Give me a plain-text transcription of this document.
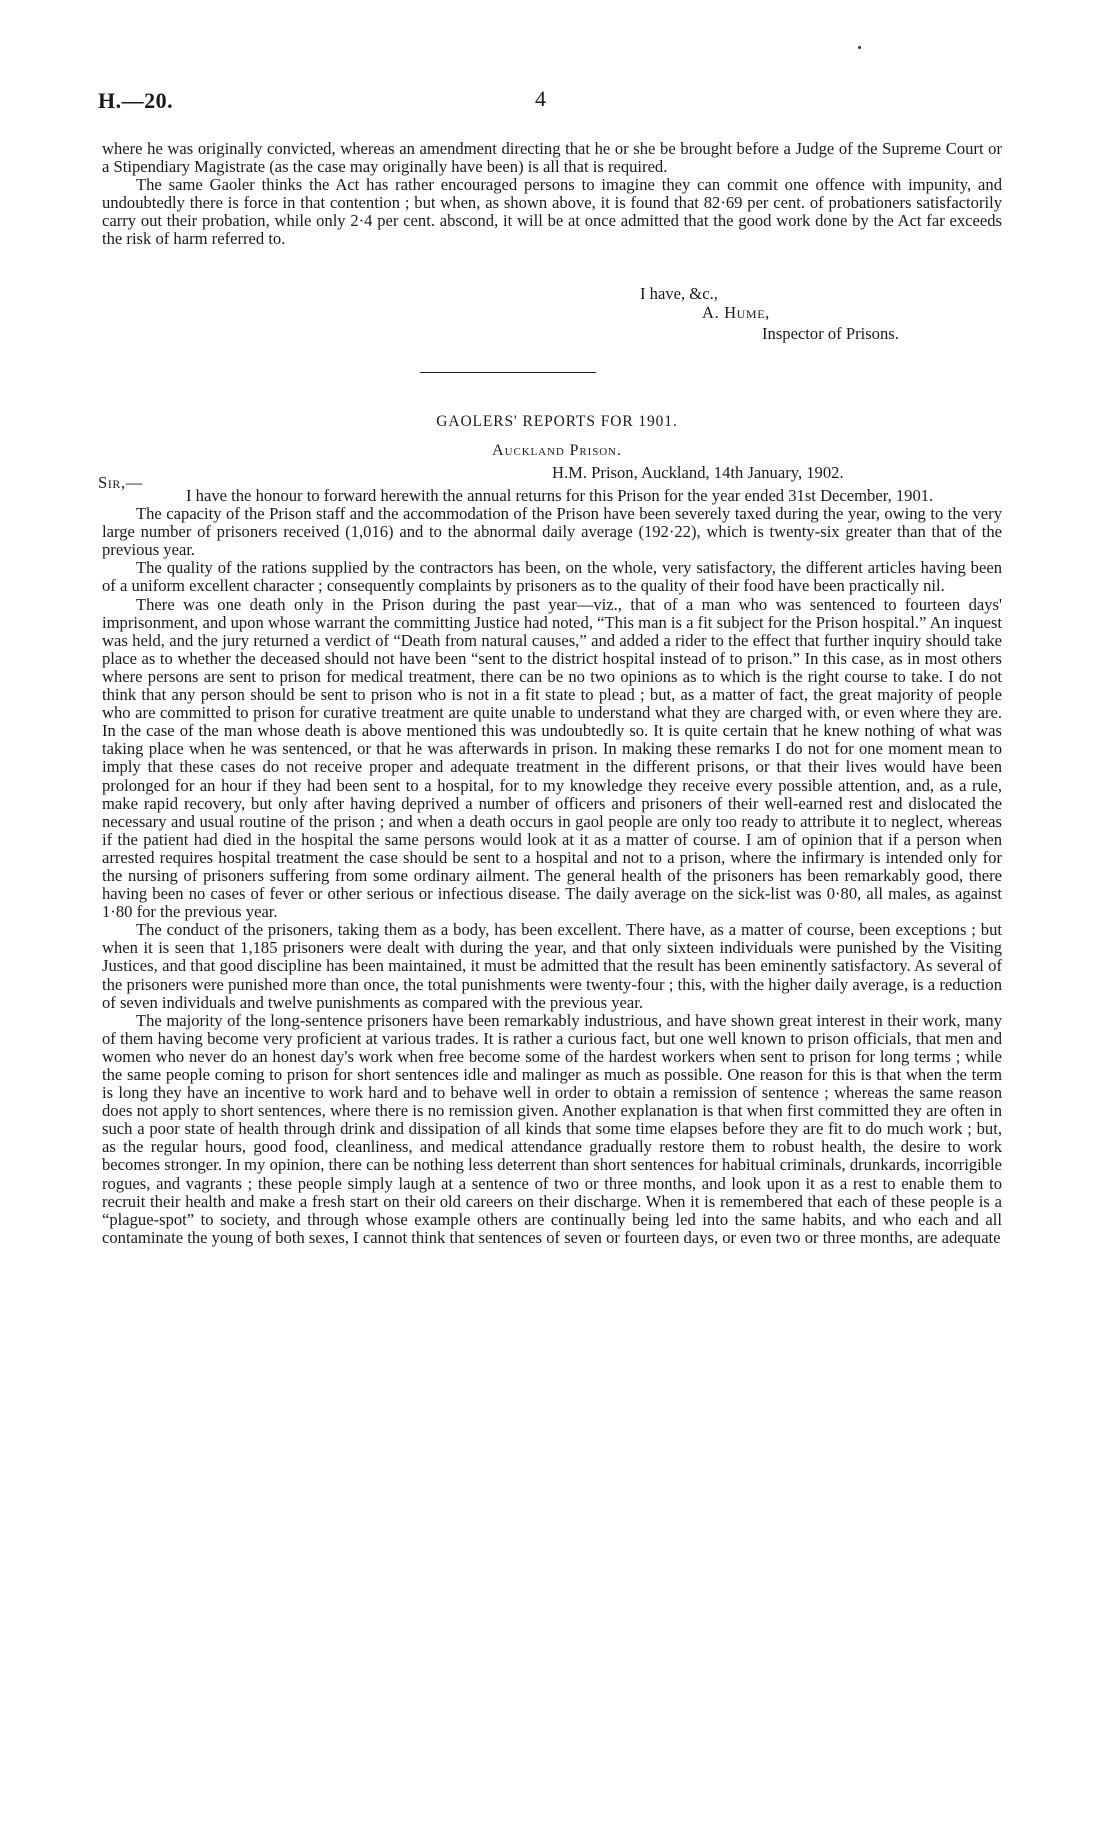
H.—20.	4

where he was originally convicted, whereas an amendment directing that he or she be brought before a Judge of the Supreme Court or a Stipendiary Magistrate (as the case may originally have been) is all that is required.

The same Gaoler thinks the Act has rather encouraged persons to imagine they can commit one offence with impunity, and undoubtedly there is force in that contention ; but when, as shown above, it is found that 82·69 per cent. of probationers satisfactorily carry out their probation, while only 2·4 per cent. abscond, it will be at once admitted that the good work done by the Act far exceeds the risk of harm referred to.

I have, &c.,
A. Hume,
Inspector of Prisons.
GAOLERS' REPORTS FOR 1901.
Auckland Prison.
Sir,—
H.M. Prison, Auckland, 14th January, 1902.

I have the honour to forward herewith the annual returns for this Prison for the year ended 31st December, 1901.

The capacity of the Prison staff and the accommodation of the Prison have been severely taxed during the year, owing to the very large number of prisoners received (1,016) and to the abnormal daily average (192·22), which is twenty-six greater than that of the previous year.

The quality of the rations supplied by the contractors has been, on the whole, very satisfactory, the different articles having been of a uniform excellent character ; consequently complaints by prisoners as to the quality of their food have been practically nil.

There was one death only in the Prison during the past year—viz., that of a man who was sentenced to fourteen days' imprisonment, and upon whose warrant the committing Justice had noted, “This man is a fit subject for the Prison hospital.” An inquest was held, and the jury returned a verdict of “Death from natural causes,” and added a rider to the effect that further inquiry should take place as to whether the deceased should not have been “sent to the district hospital instead of to prison.” In this case, as in most others where persons are sent to prison for medical treatment, there can be no two opinions as to which is the right course to take. I do not think that any person should be sent to prison who is not in a fit state to plead ; but, as a matter of fact, the great majority of people who are committed to prison for curative treatment are quite unable to understand what they are charged with, or even where they are. In the case of the man whose death is above mentioned this was undoubtedly so. It is quite certain that he knew nothing of what was taking place when he was sentenced, or that he was afterwards in prison. In making these remarks I do not for one moment mean to imply that these cases do not receive proper and adequate treatment in the different prisons, or that their lives would have been prolonged for an hour if they had been sent to a hospital, for to my knowledge they receive every possible attention, and, as a rule, make rapid recovery, but only after having deprived a number of officers and prisoners of their well-earned rest and dislocated the necessary and usual routine of the prison ; and when a death occurs in gaol people are only too ready to attribute it to neglect, whereas if the patient had died in the hospital the same persons would look at it as a matter of course. I am of opinion that if a person when arrested requires hospital treatment the case should be sent to a hospital and not to a prison, where the infirmary is intended only for the nursing of prisoners suffering from some ordinary ailment. The general health of the prisoners has been remarkably good, there having been no cases of fever or other serious or infectious disease. The daily average on the sick-list was 0·80, all males, as against 1·80 for the previous year.

The conduct of the prisoners, taking them as a body, has been excellent. There have, as a matter of course, been exceptions ; but when it is seen that 1,185 prisoners were dealt with during the year, and that only sixteen individuals were punished by the Visiting Justices, and that good discipline has been maintained, it must be admitted that the result has been eminently satisfactory. As several of the prisoners were punished more than once, the total punishments were twenty-four ; this, with the higher daily average, is a reduction of seven individuals and twelve punishments as compared with the previous year.

The majority of the long-sentence prisoners have been remarkably industrious, and have shown great interest in their work, many of them having become very proficient at various trades. It is rather a curious fact, but one well known to prison officials, that men and women who never do an honest day's work when free become some of the hardest workers when sent to prison for long terms ; while the same people coming to prison for short sentences idle and malinger as much as possible. One reason for this is that when the term is long they have an incentive to work hard and to behave well in order to obtain a remission of sentence ; whereas the same reason does not apply to short sentences, where there is no remission given. Another explanation is that when first committed they are often in such a poor state of health through drink and dissipation of all kinds that some time elapses before they are fit to do much work ; but, as the regular hours, good food, cleanliness, and medical attendance gradually restore them to robust health, the desire to work becomes stronger. In my opinion, there can be nothing less deterrent than short sentences for habitual criminals, drunkards, incorrigible rogues, and vagrants ; these people simply laugh at a sentence of two or three months, and look upon it as a rest to enable them to recruit their health and make a fresh start on their old careers on their discharge. When it is remembered that each of these people is a “plague-spot” to society, and through whose example others are continually being led into the same habits, and who each and all contaminate the young of both sexes, I cannot think that sentences of seven or fourteen days, or even two or three months, are adequate
